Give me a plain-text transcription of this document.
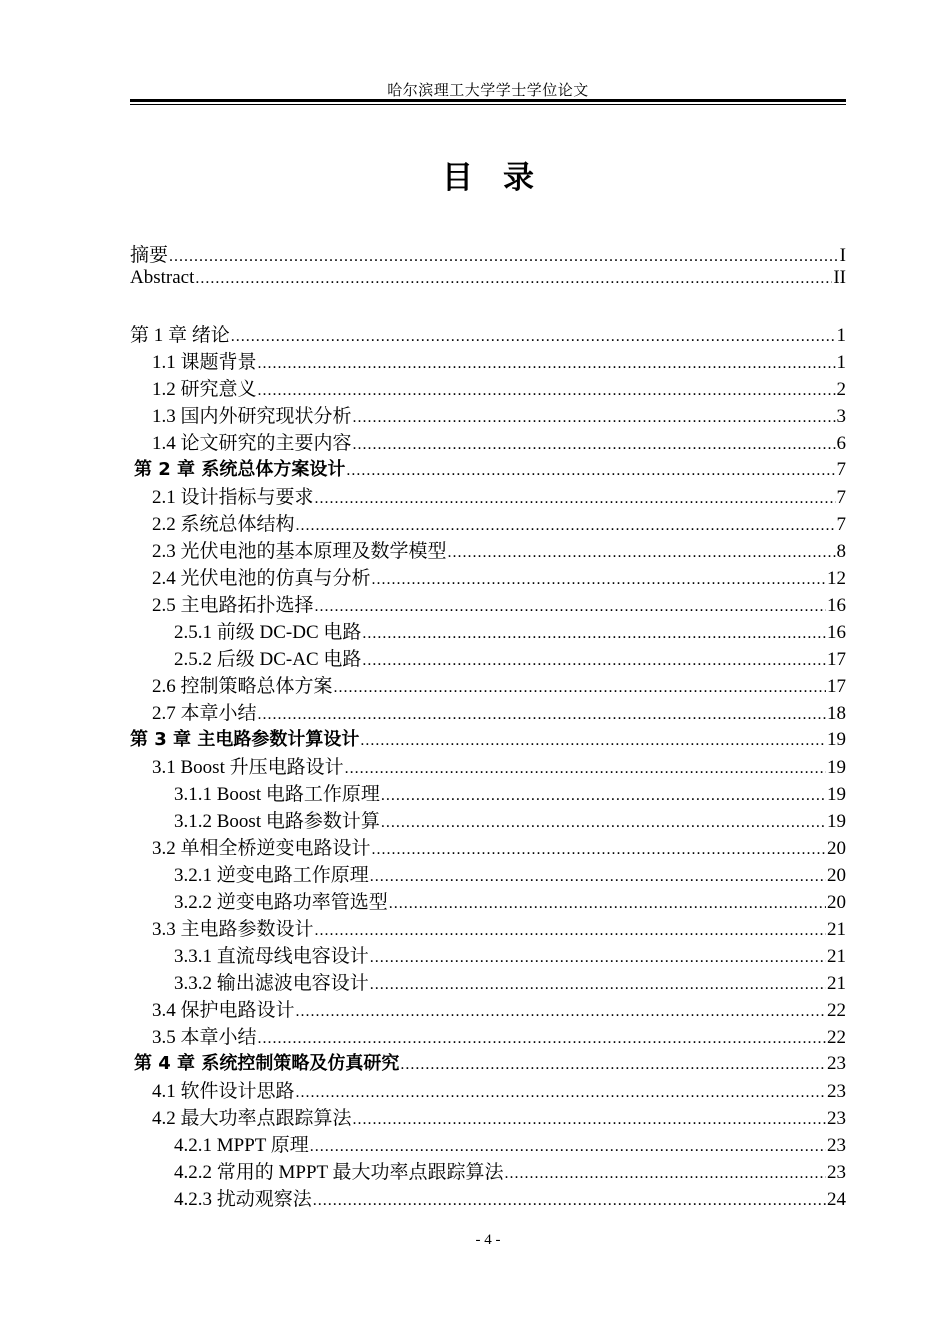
哈尔滨理工大学学士学位论文
目录
摘要 .....	I
Abstract .....	II
第 1 章 绪论 .....	1
1.1 课题背景 .....	1
1.2 研究意义 .....	2
1.3 国内外研究现状分析 .....	3
1.4 论文研究的主要内容 .....	6
第 2 章 系统总体方案设计 .....	7
2.1 设计指标与要求 .....	7
2.2 系统总体结构 .....	7
2.3 光伏电池的基本原理及数学模型 .....	8
2.4 光伏电池的仿真与分析 .....	12
2.5 主电路拓扑选择 .....	16
2.5.1 前级 DC-DC 电路 .....	16
2.5.2 后级 DC-AC 电路 .....	17
2.6 控制策略总体方案 .....	17
2.7 本章小结 .....	18
第 3 章 主电路参数计算设计 .....	19
3.1 Boost 升压电路设计 .....	19
3.1.1 Boost 电路工作原理 .....	19
3.1.2 Boost 电路参数计算 .....	19
3.2 单相全桥逆变电路设计 .....	20
3.2.1 逆变电路工作原理 .....	20
3.2.2 逆变电路功率管选型 .....	20
3.3 主电路参数设计 .....	21
3.3.1 直流母线电容设计 .....	21
3.3.2 输出滤波电容设计 .....	21
3.4 保护电路设计 .....	22
3.5 本章小结 .....	22
第 4 章 系统控制策略及仿真研究 .....	23
4.1 软件设计思路 .....	23
4.2 最大功率点跟踪算法 .....	23
4.2.1 MPPT 原理 .....	23
4.2.2 常用的 MPPT 最大功率点跟踪算法 .....	23
4.2.3 扰动观察法 .....	24
- 4 -
